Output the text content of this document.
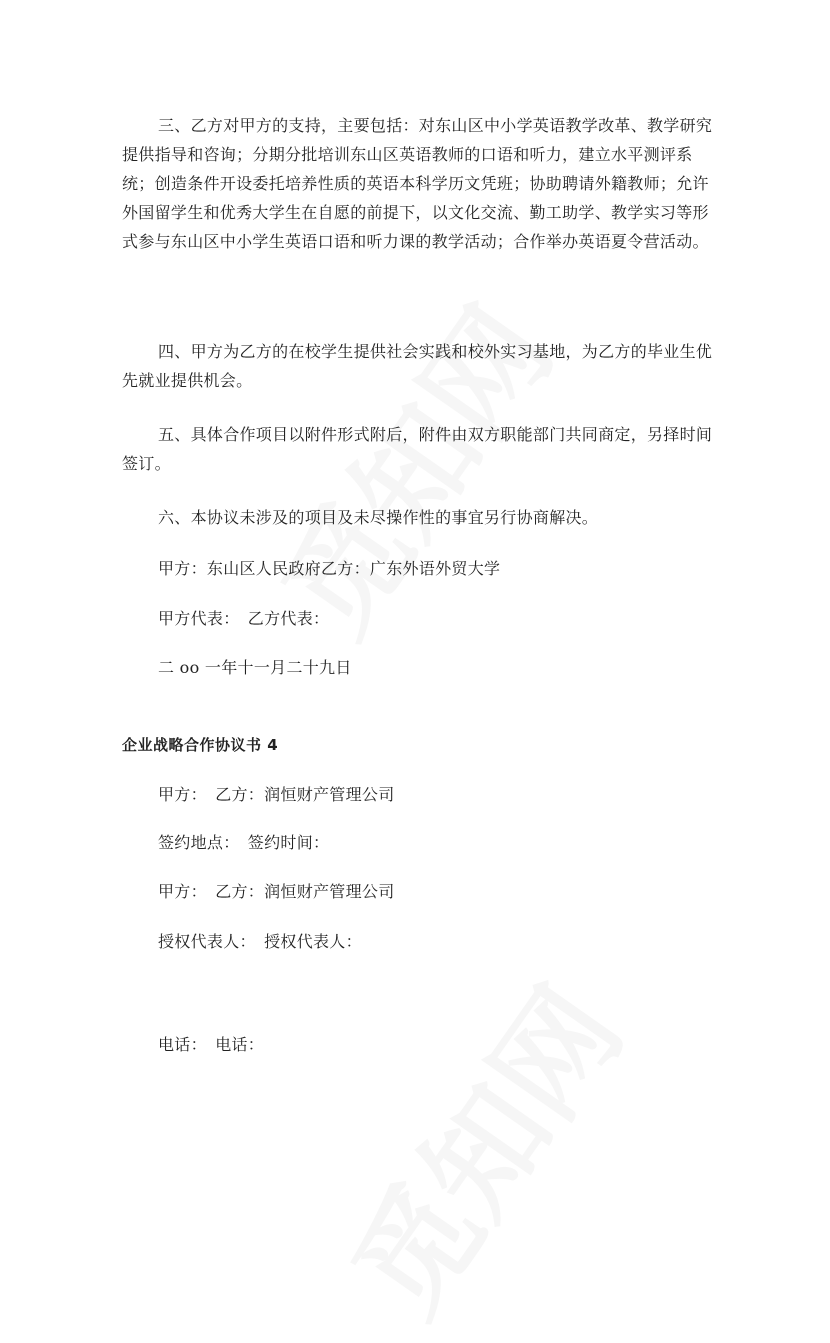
三、乙方对甲方的支持，主要包括：对东山区中小学英语教学改革、教学研究提供指导和咨询；分期分批培训东山区英语教师的口语和听力，建立水平测评系统；创造条件开设委托培养性质的英语本科学历文凭班；协助聘请外籍教师；允许外国留学生和优秀大学生在自愿的前提下，以文化交流、勤工助学、教学实习等形式参与东山区中小学生英语口语和听力课的教学活动；合作举办英语夏令营活动。

四、甲方为乙方的在校学生提供社会实践和校外实习基地，为乙方的毕业生优先就业提供机会。

五、具体合作项目以附件形式附后，附件由双方职能部门共同商定，另择时间签订。

六、本协议未涉及的项目及未尽操作性的事宜另行协商解决。

甲方：东山区人民政府乙方：广东外语外贸大学

甲方代表：　乙方代表：

二 oo 一年十一月二十九日

企业战略合作协议书 4

甲方：　乙方：润恒财产管理公司

签约地点：　签约时间：

甲方：　乙方：润恒财产管理公司

授权代表人：　授权代表人：

电话：　电话：
